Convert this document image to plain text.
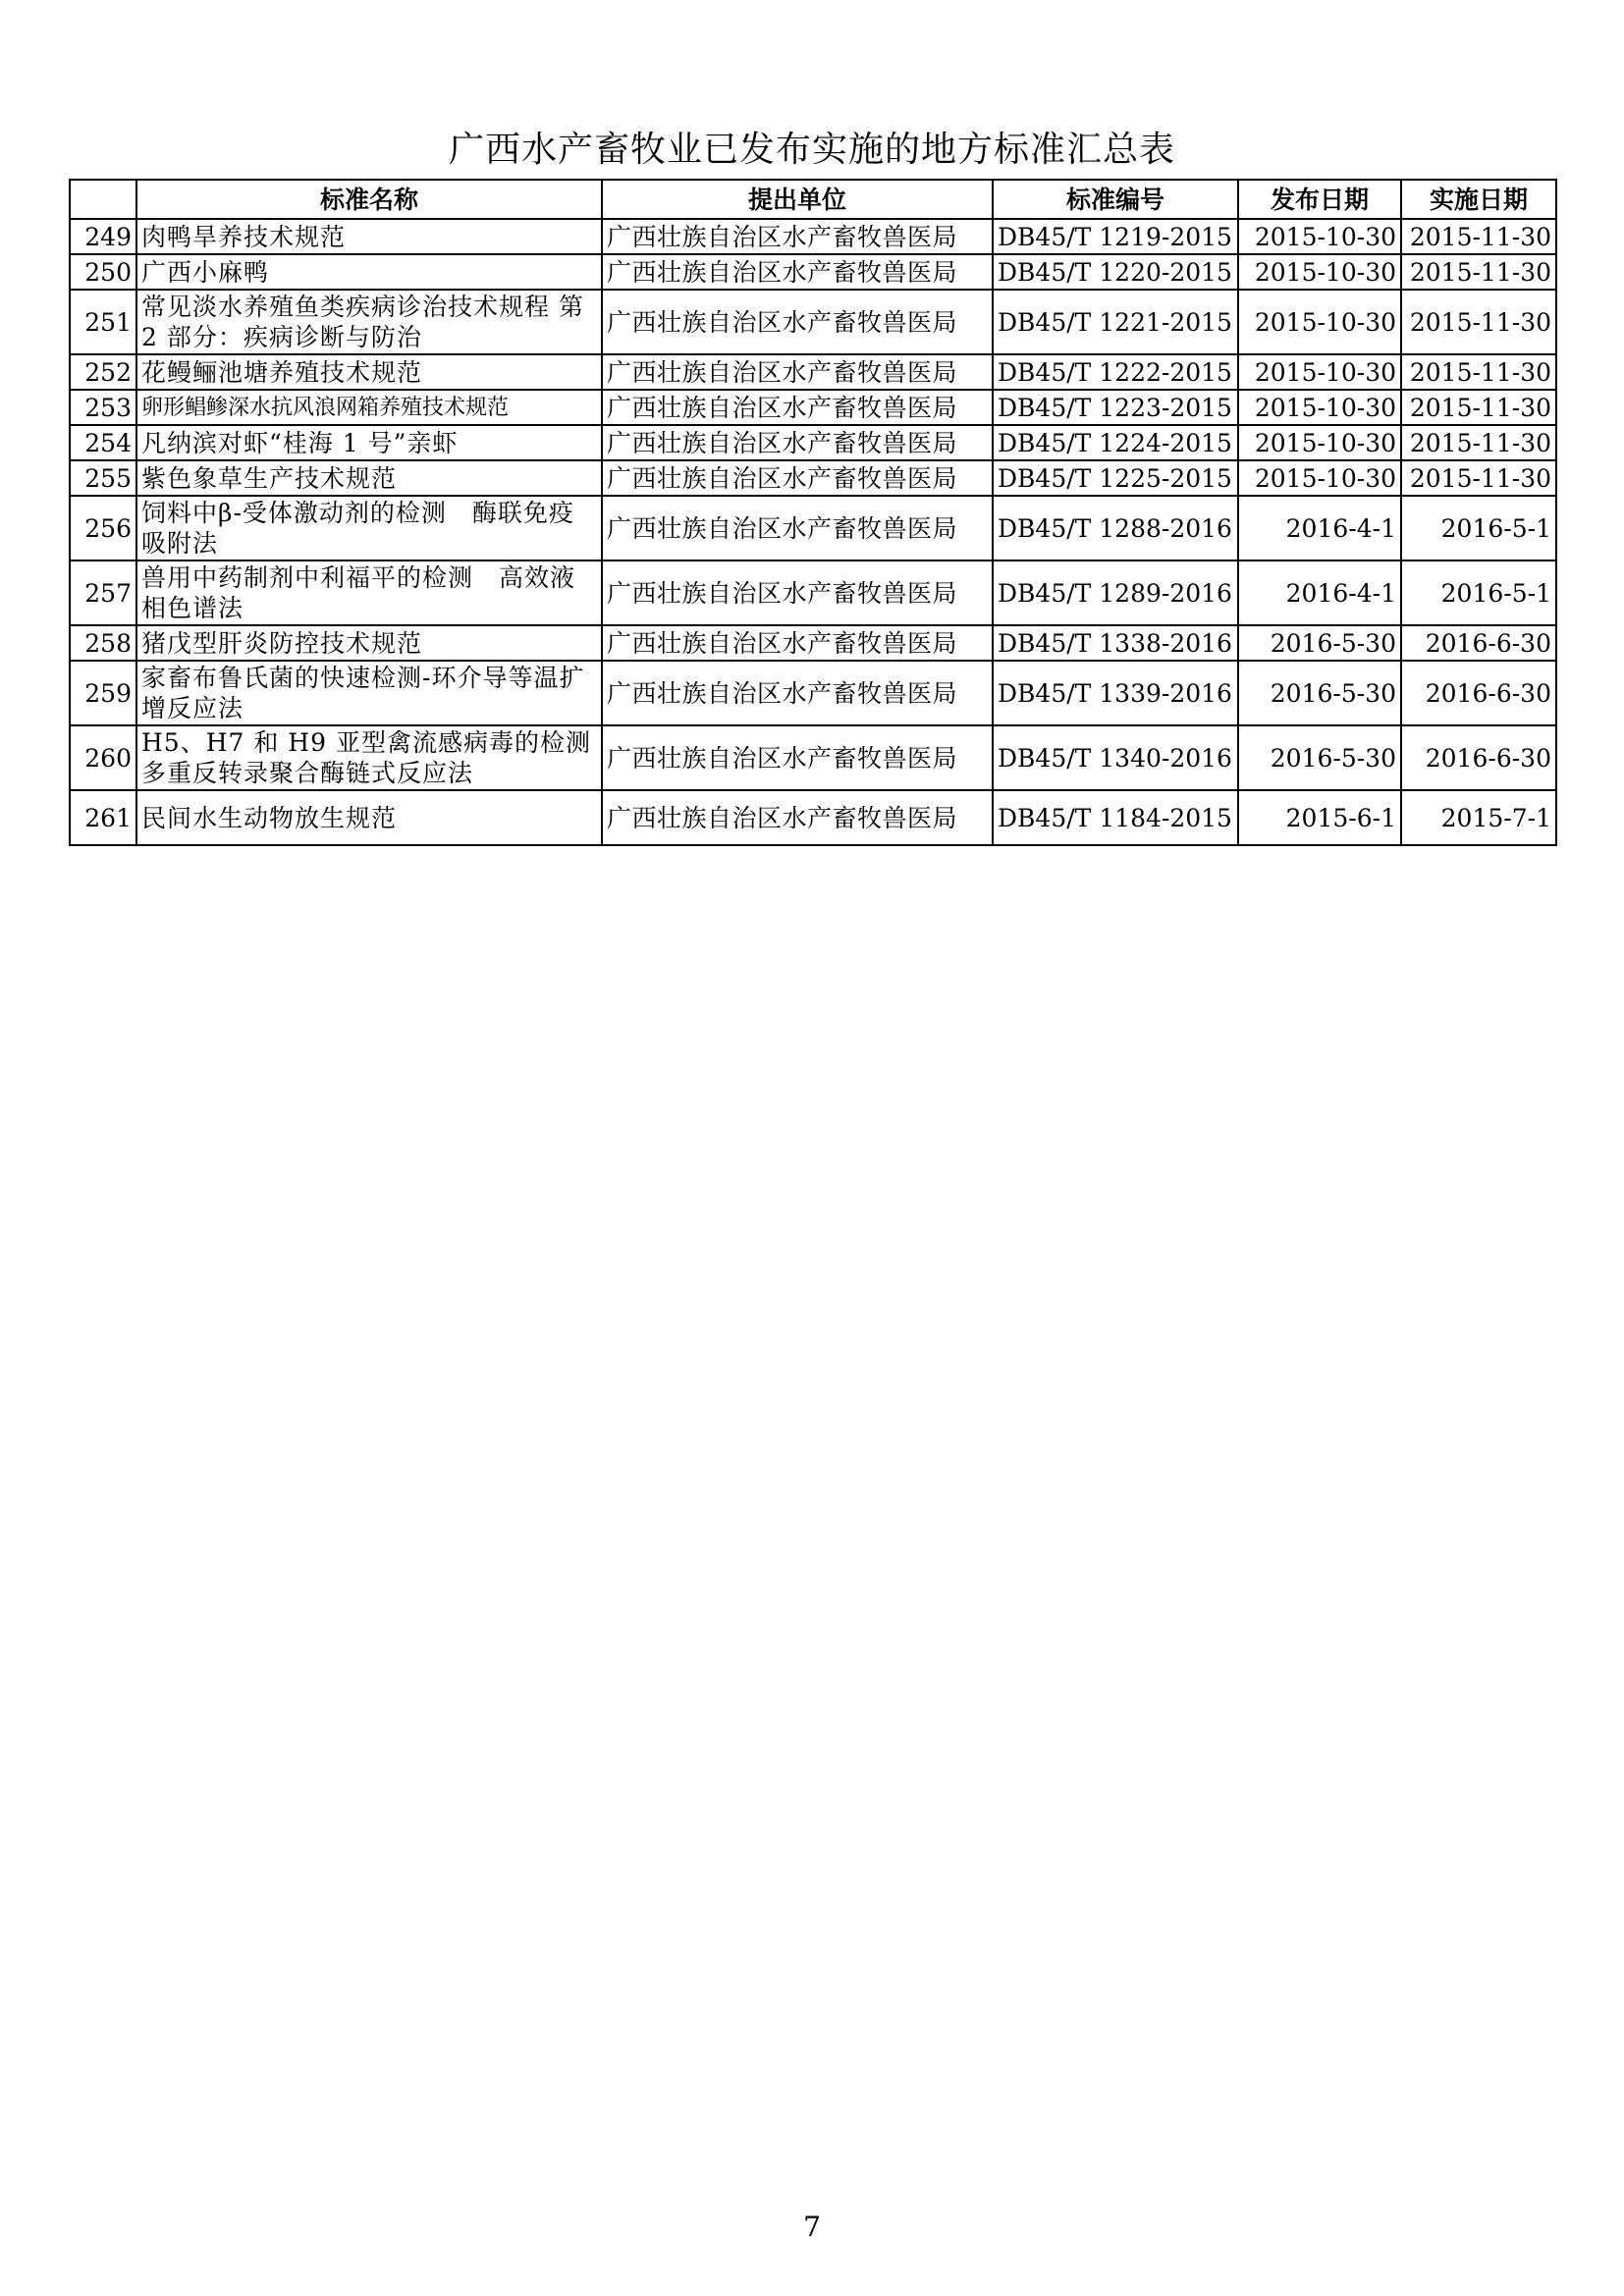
广西水产畜牧业已发布实施的地方标准汇总表
	标准名称	提出单位	标准编号	发布日期	实施日期
249	肉鸭旱养技术规范	广西壮族自治区水产畜牧兽医局	DB45/T 1219-2015	2015-10-30	2015-11-30
250	广西小麻鸭	广西壮族自治区水产畜牧兽医局	DB45/T 1220-2015	2015-10-30	2015-11-30
251	常见淡水养殖鱼类疾病诊治技术规程 第 2 部分：疾病诊断与防治	广西壮族自治区水产畜牧兽医局	DB45/T 1221-2015	2015-10-30	2015-11-30
252	花鳗鲡池塘养殖技术规范	广西壮族自治区水产畜牧兽医局	DB45/T 1222-2015	2015-10-30	2015-11-30
253	卵形鲳鲹深水抗风浪网箱养殖技术规范	广西壮族自治区水产畜牧兽医局	DB45/T 1223-2015	2015-10-30	2015-11-30
254	凡纳滨对虾“桂海 1 号”亲虾	广西壮族自治区水产畜牧兽医局	DB45/T 1224-2015	2015-10-30	2015-11-30
255	紫色象草生产技术规范	广西壮族自治区水产畜牧兽医局	DB45/T 1225-2015	2015-10-30	2015-11-30
256	饲料中β-受体激动剂的检测　酶联免疫吸附法	广西壮族自治区水产畜牧兽医局	DB45/T 1288-2016	2016-4-1	2016-5-1
257	兽用中药制剂中利福平的检测　高效液相色谱法	广西壮族自治区水产畜牧兽医局	DB45/T 1289-2016	2016-4-1	2016-5-1
258	猪戊型肝炎防控技术规范	广西壮族自治区水产畜牧兽医局	DB45/T 1338-2016	2016-5-30	2016-6-30
259	家畜布鲁氏菌的快速检测-环介导等温扩增反应法	广西壮族自治区水产畜牧兽医局	DB45/T 1339-2016	2016-5-30	2016-6-30
260	H5、H7 和 H9 亚型禽流感病毒的检测多重反转录聚合酶链式反应法	广西壮族自治区水产畜牧兽医局	DB45/T 1340-2016	2016-5-30	2016-6-30
261	民间水生动物放生规范	广西壮族自治区水产畜牧兽医局	DB45/T 1184-2015	2015-6-1	2015-7-1
7
